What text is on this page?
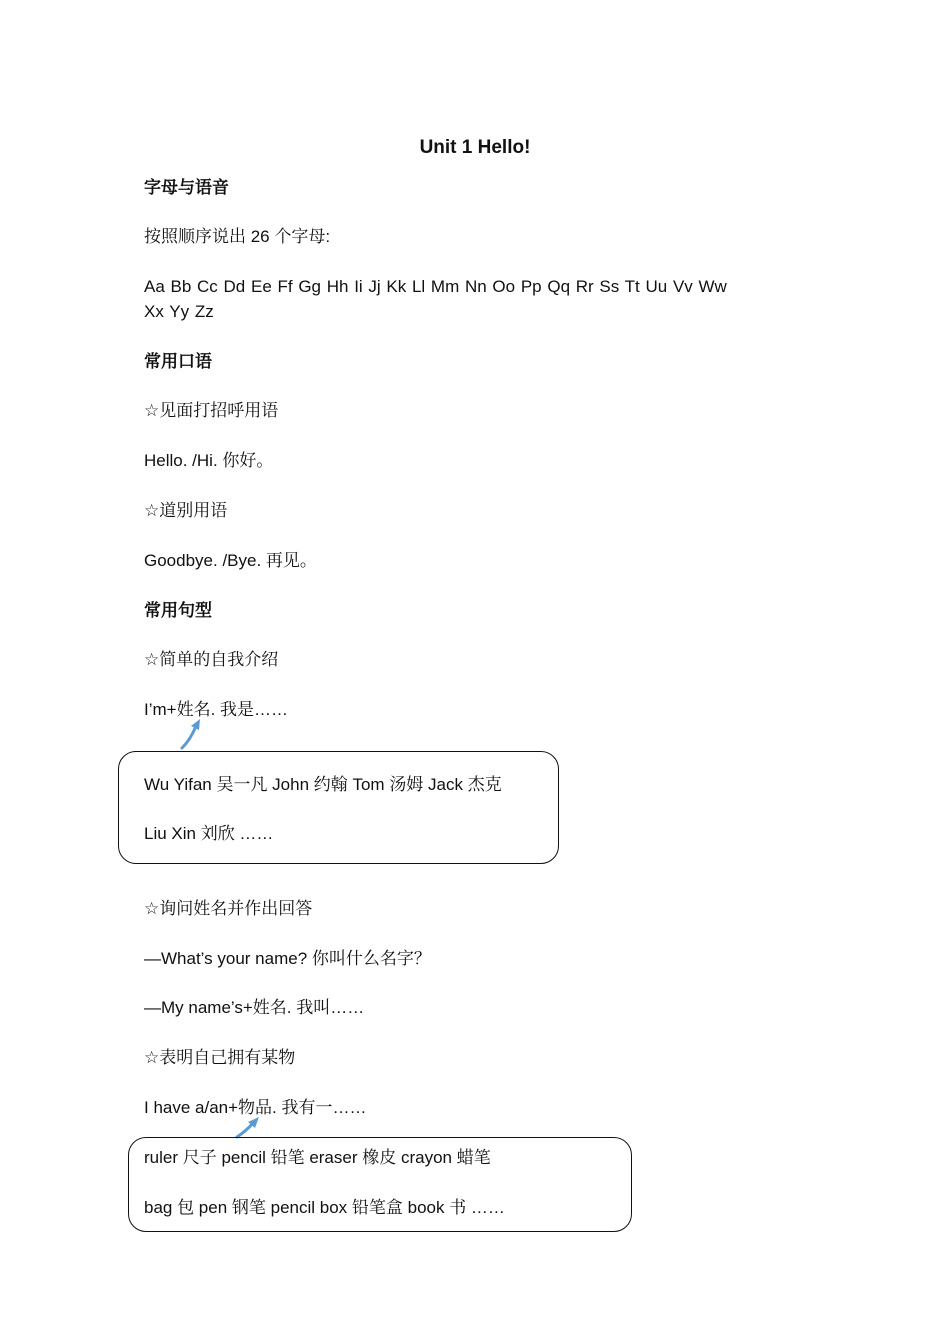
Unit 1 Hello!
字母与语音
按照顺序说出 26 个字母:
Aa Bb Cc Dd Ee Ff Gg Hh Ii Jj Kk Ll Mm Nn Oo Pp Qq Rr Ss Tt Uu Vv Ww
Xx Yy Zz
常用口语
☆见面打招呼用语
Hello. /Hi. 你好。
☆道别用语
Goodbye. /Bye. 再见。
常用句型
☆简单的自我介绍
I’m+姓名. 我是……
Wu Yifan 吴一凡 John 约翰 Tom 汤姆 Jack 杰克
Liu Xin 刘欣 ……
☆询问姓名并作出回答
—What’s your name? 你叫什么名字？
—My name’s+姓名. 我叫……
☆表明自己拥有某物
I have a/an+物品. 我有一……
ruler 尺子 pencil 铅笔 eraser 橡皮 crayon 蜡笔
bag 包 pen 钢笔 pencil box 铅笔盒 book 书 ……
